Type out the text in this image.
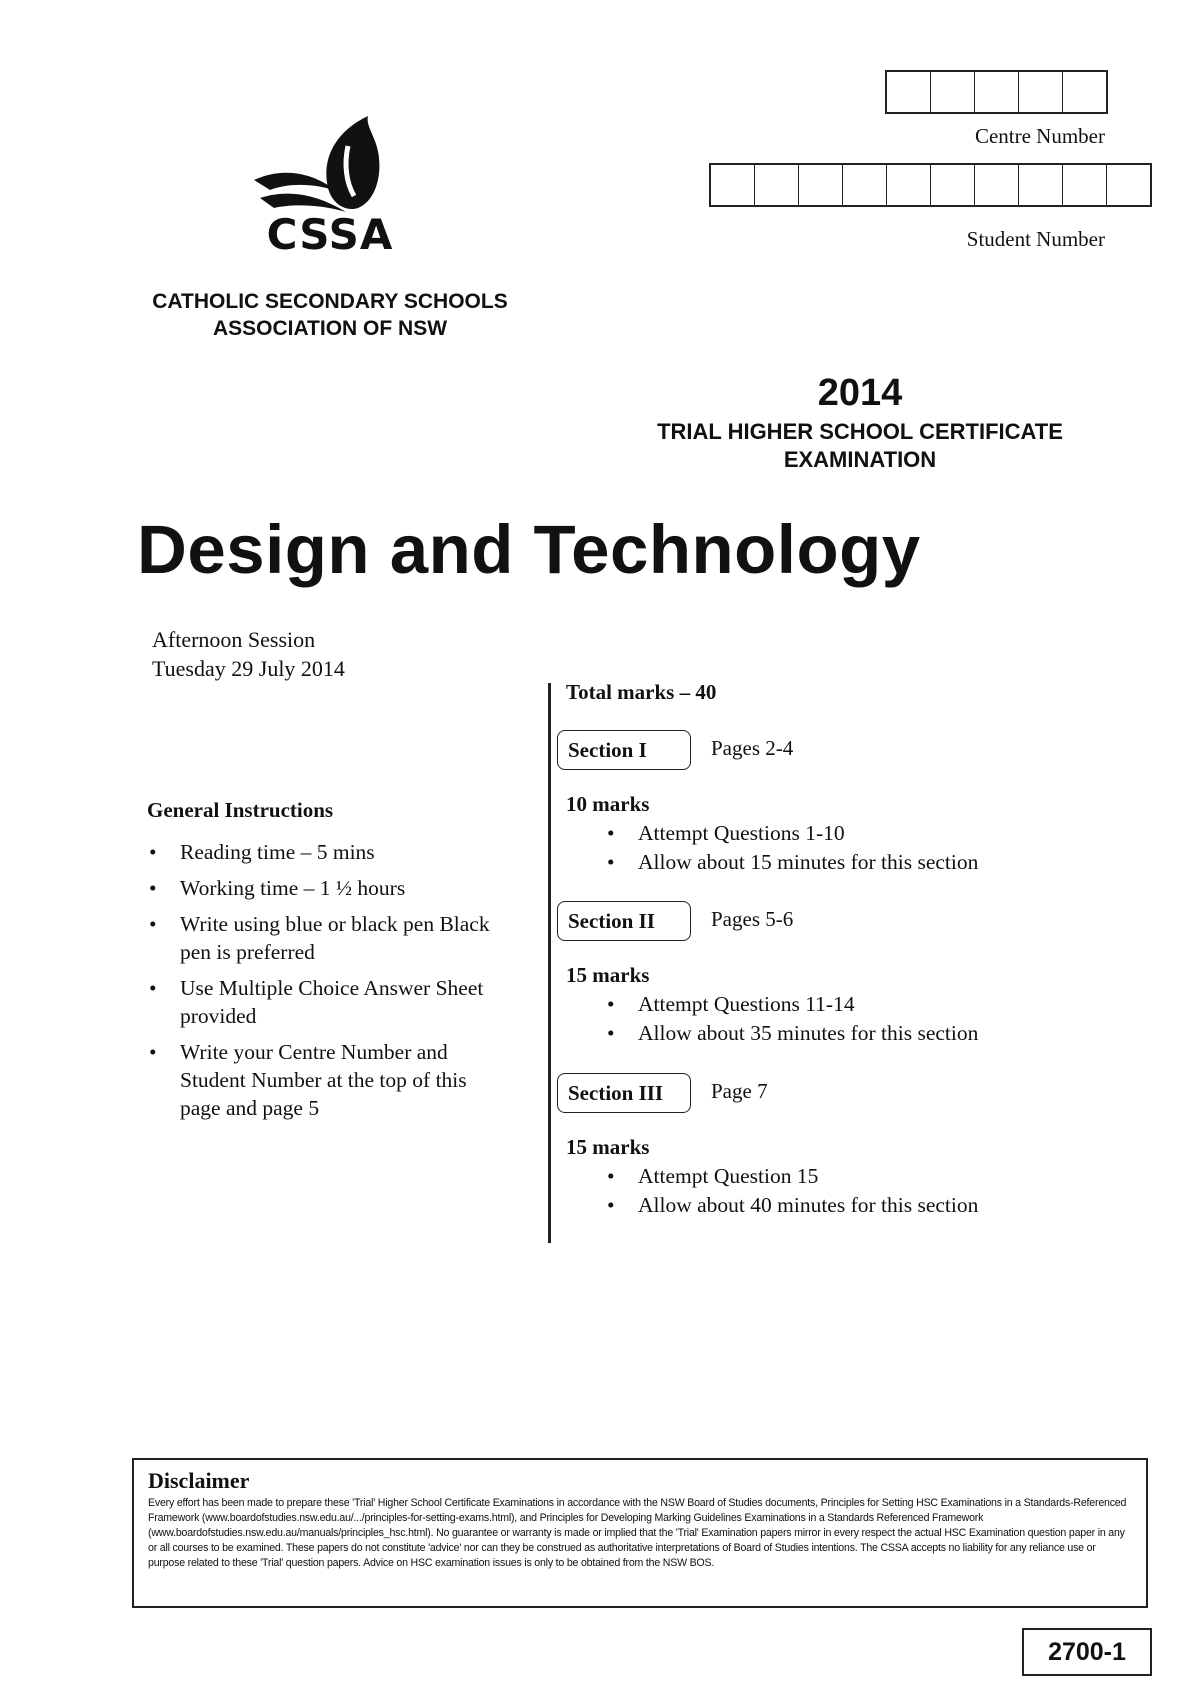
CSSA
CATHOLIC SECONDARY SCHOOLS
ASSOCIATION OF NSW
Centre Number
Student Number
2014
TRIAL HIGHER SCHOOL CERTIFICATE
EXAMINATION
Design and Technology
Afternoon Session
Tuesday 29 July 2014
General Instructions
• Reading time – 5 mins
• Working time – 1 ½ hours
• Write using blue or black pen Black pen is preferred
• Use Multiple Choice Answer Sheet provided
• Write your Centre Number and Student Number at the top of this page and page 5
Total marks – 40
Section I	Pages 2-4
10 marks
• Attempt Questions 1-10
• Allow about 15 minutes for this section
Section II	Pages 5-6
15 marks
• Attempt Questions 11-14
• Allow about 35 minutes for this section
Section III	Page 7
15 marks
• Attempt Question 15
• Allow about 40 minutes for this section
Disclaimer

Every effort has been made to prepare these 'Trial' Higher School Certificate Examinations in accordance with the NSW Board of Studies documents, Principles for Setting HSC Examinations in a Standards-Referenced Framework (www.boardofstudies.nsw.edu.au/.../principles-for-setting-exams.html), and Principles for Developing Marking Guidelines Examinations in a Standards Referenced Framework (www.boardofstudies.nsw.edu.au/manuals/principles_hsc.html). No guarantee or warranty is made or implied that the 'Trial' Examination papers mirror in every respect the actual HSC Examination question paper in any or all courses to be examined. These papers do not constitute 'advice' nor can they be construed as authoritative interpretations of Board of Studies intentions. The CSSA accepts no liability for any reliance use or purpose related to these 'Trial' question papers. Advice on HSC examination issues is only to be obtained from the NSW BOS.

2700-1
